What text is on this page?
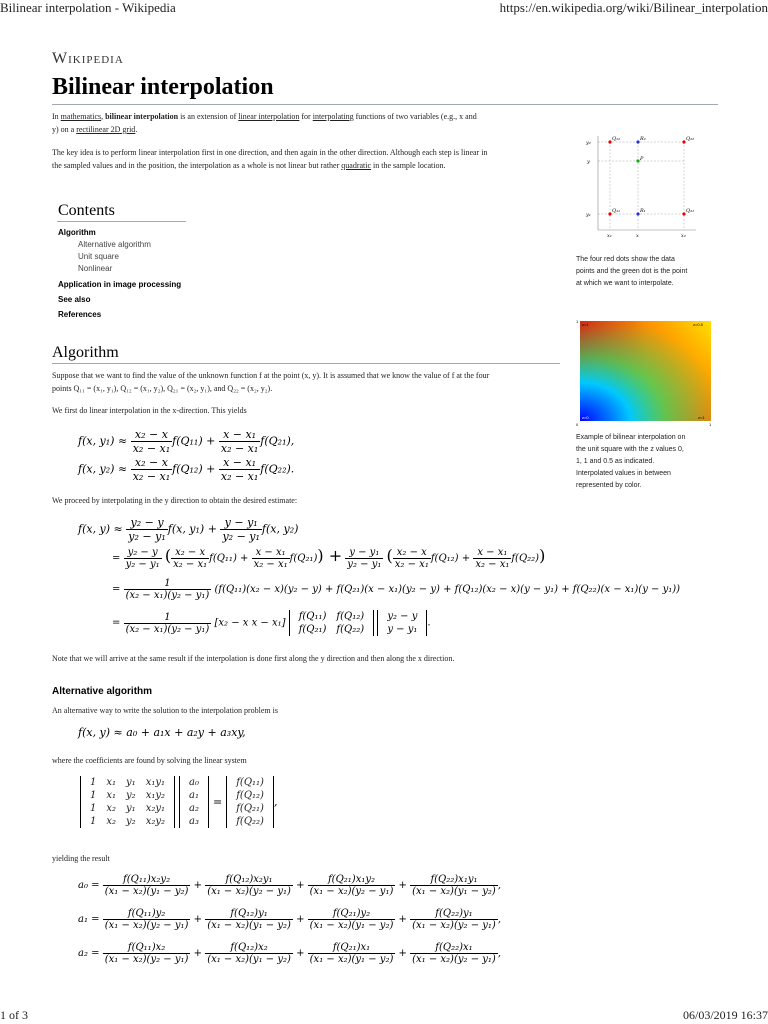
Bilinear interpolation - Wikipedia	https://en.wikipedia.org/wiki/Bilinear_interpolation
Wikipedia
Bilinear interpolation
In mathematics, bilinear interpolation is an extension of linear interpolation for interpolating functions of two variables (e.g., x and
y) on a rectilinear 2D grid.
The key idea is to perform linear interpolation first in one direction, and then again in the other direction. Although each step is linear in
the sampled values and in the position, the interpolation as a whole is not linear but rather quadratic in the sample location.
Contents
Algorithm
Alternative algorithm
Unit square
Nonlinear
Application in image processing
See also
References
Q₁₂	R₂	Q₂₂
P
Q₁₁	R₁	Q₂₁
y₂
y
y₁
x₁	x	x₂
The four red dots show the data
points and the green dot is the point
at which we want to interpolate.
z=1	z=0.5
z=0	z=1
1
0	1
Example of bilinear interpolation on
the unit square with the z values 0,
1, 1 and 0.5 as indicated.
Interpolated values in between
represented by color.
Algorithm
Suppose that we want to find the value of the unknown function f at the point (x, y). It is assumed that we know the value of f at the four
points Q₁₁ = (x₁, y₁), Q₁₂ = (x₁, y₂), Q₂₁ = (x₂, y₁), and Q₂₂ = (x₂, y₂).
We first do linear interpolation in the x-direction. This yields
f(x, $y_1) \approx \frac{\text{x₂ − x}}{\text{x₂ − x₁}} f(Q_{11}) + \frac{\text{x − x₁}}{\text{x₂ − x₁}} f(Q_{21})$,
f(x, $y_2) \approx \frac{\text{x₂ − x}}{\text{x₂ − x₁}} f(Q_{12}) + \frac{\text{x − x₁}}{\text{x₂ − x₁}} f(Q_{22})$.
We proceed by interpolating in the y direction to obtain the desired estimate:
f(x, $y) \approx \frac{\text{y₂ − y}}{\text{y₂ − y₁}} f(x$, $y_1) + \frac{\text{y − y₁}}{\text{y₂ − y₁}} f(x$, y₂)
= $\frac{\text{y₂ − y}}{\text{y₂ − y₁}}$ ( $\frac{\text{x₂ − x}}{\text{x₂ − x₁}} f(Q_{11}) + \frac{\text{x − x₁}}{\text{x₂ − x₁}} f(Q_{21})) + \frac{\text{y − y₁}}{\text{y₂ − y₁}}$ ( $\frac{\text{x₂ − x}}{\text{x₂ − x₁}} f(Q_{12}) + \frac{\text{x − x₁}}{\text{x₂ − x₁}} f(Q_{22})$)
= $\frac{1}{\text{(x₂ − x₁)(y₂ − y₁)}} (f(Q_{11})(x_2 - x)(y_2 - y) + f(Q_{21})(x - x_1)(y_2 - y) + f(Q_{12})(x_2 - x)(y - y_1) + f(Q_{22})(x - x_1)(y - y_1))$
= $\frac{1}{\text{(x₂ − x₁)(y₂ − y₁)}} [x_2 - x$ x − x₁]
f(Q₁₁)	f(Q₁₂)
f(Q₂₁)	f(Q₂₂)

y₂ − y
y − y₁
.
Note that we will arrive at the same result if the interpolation is done first along the y direction and then along the x direction.
Alternative algorithm
An alternative way to write the solution to the interpolation problem is
f(x, y) ≈ a₀ + a₁x + a₂y + a₃xy,
where the coefficients are found by solving the linear system
1	x₁	y₁	x₁y₁
1	x₁	y₂	x₁y₂
1	x₂	y₁	x₂y₁
1	x₂	y₂	x₂y₂

a₀
a₁
a₂
a₃
=
f(Q₁₁)
f(Q₁₂)
f(Q₂₁)
f(Q₂₂)
,
yielding the result
$a_0 = \frac{\text{f(Q₁₁)x₂y₂}}{\text{(x₁ − x₂)(y₁ − y₂)}} + \frac{\text{f(Q₁₂)x₂y₁}}{\text{(x₁ − x₂)(y₂ − y₁)}} + \frac{\text{f(Q₂₁)x₁y₂}}{\text{(x₁ − x₂)(y₂ − y₁)}} + \frac{\text{f(Q₂₂)x₁y₁}}{\text{(x₁ − x₂)(y₁ − y₂)}}$ ,
$a_1 = \frac{\text{f(Q₁₁)y₂}}{\text{(x₁ − x₂)(y₂ − y₁)}} + \frac{\text{f(Q₁₂)y₁}}{\text{(x₁ − x₂)(y₁ − y₂)}} + \frac{\text{f(Q₂₁)y₂}}{\text{(x₁ − x₂)(y₁ − y₂)}} + \frac{\text{f(Q₂₂)y₁}}{\text{(x₁ − x₂)(y₂ − y₁)}}$ ,
$a_2 = \frac{\text{f(Q₁₁)x₂}}{\text{(x₁ − x₂)(y₂ − y₁)}} + \frac{\text{f(Q₁₂)x₂}}{\text{(x₁ − x₂)(y₁ − y₂)}} + \frac{\text{f(Q₂₁)x₁}}{\text{(x₁ − x₂)(y₁ − y₂)}} + \frac{\text{f(Q₂₂)x₁}}{\text{(x₁ − x₂)(y₂ − y₁)}}$ ,
1 of 3	06/03/2019 16:37
